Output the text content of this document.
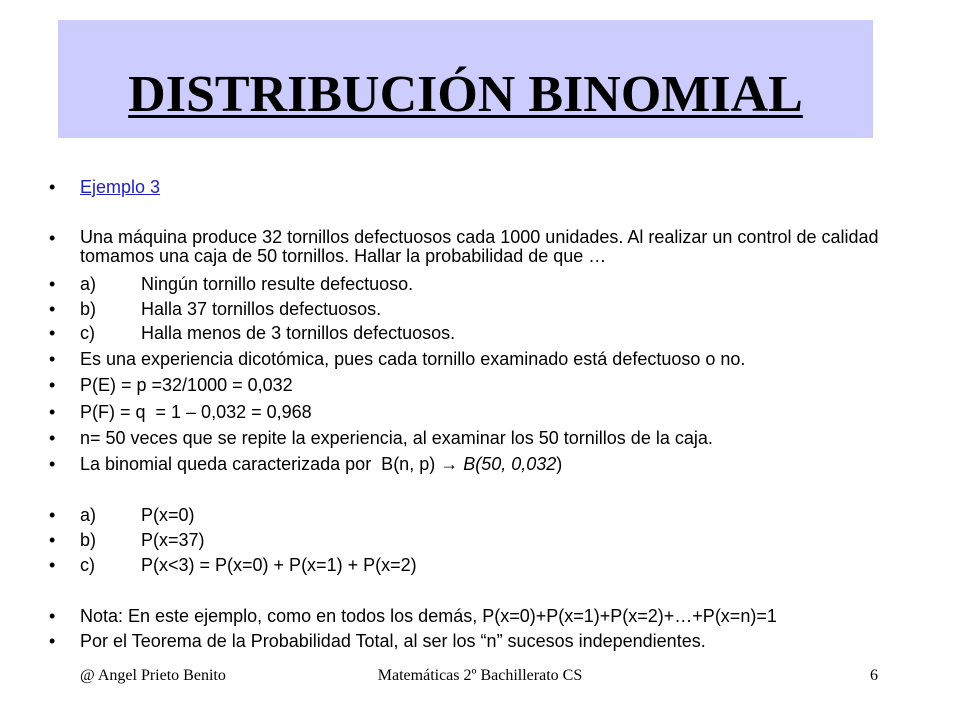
DISTRIBUCIÓN BINOMIAL
• Ejemplo 3
• Una máquina produce 32 tornillos defectuosos cada 1000 unidades. Al realizar un control de calidad tomamos una caja de 50 tornillos. Hallar la probabilidad de que …
• a) Ningún tornillo resulte defectuoso.
• b) Halla 37 tornillos defectuosos.
• c)	Halla menos de 3 tornillos defectuosos.
• Es una experiencia dicotómica, pues cada tornillo examinado está defectuoso o no.
• P(E) = p =32/1000 = 0,032
• P(F) = q  = 1 – 0,032 = 0,968
• n= 50 veces que se repite la experiencia, al examinar los 50 tornillos de la caja.
• La binomial queda caracterizada por  B(n, p) → B(50, 0,032)
• a) P(x=0)
• b) P(x=37)
• c)	P(x<3) = P(x=0) + P(x=1) + P(x=2)
• Nota: En este ejemplo, como en todos los demás, P(x=0)+P(x=1)+P(x=2)+…+P(x=n)=1
• Por el Teorema de la Probabilidad Total, al ser los “n” sucesos independientes.
@ Angel Prieto Benito	Matemáticas 2º Bachillerato CS	6
